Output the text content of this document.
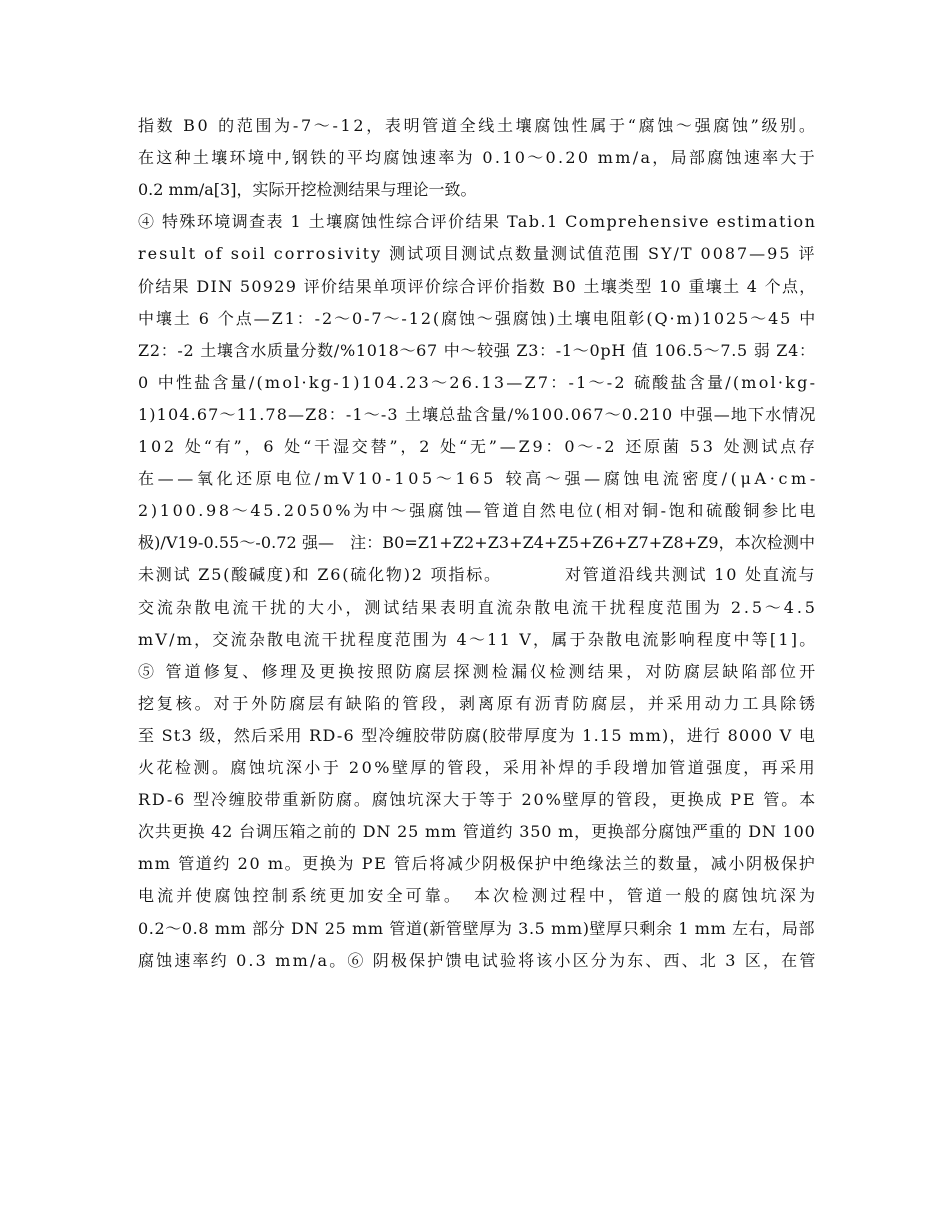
指数 B0 的范围为-7～-12，表明管道全线土壤腐蚀性属于“腐蚀～强腐蚀”级别。
在这种土壤环境中,钢铁的平均腐蚀速率为 0.10～0.20 mm/a，局部腐蚀速率大于
0.2 mm/a[3]，实际开挖检测结果与理论一致。
④ 特殊环境调查表 1 土壤腐蚀性综合评价结果 Tab.1 Comprehensive estimation
result of soil corrosivity 测试项目测试点数量测试值范围 SY/T 0087—95 评
价结果 DIN 50929 评价结果单项评价综合评价指数 B0 土壤类型 10 重壤土 4 个点，
中壤土 6 个点—Z1：-2～0-7～-12(腐蚀～强腐蚀)土壤电阻彰(Q·m)1025～45 中
Z2：-2 土壤含水质量分数/%1018～67 中～较强 Z3：-1～0pH 值 106.5～7.5 弱 Z4：
0 中性盐含量/(mol·kg-1)104.23～26.13—Z7：-1～-2 硫酸盐含量/(mol·kg-
1)104.67～11.78—Z8：-1～-3 土壤总盐含量/%100.067～0.210 中强—地下水情况
102 处“有”，6 处“干湿交替”，2 处“无”—Z9：0～-2 还原菌 53 处测试点存
在——氧化还原电位/mV10-105～165 较高～强—腐蚀电流密度/(μA·cm-
2)100.98～45.2050%为中～强腐蚀—管道自然电位(相对铜-饱和硫酸铜参比电
极)/V19-0.55～-0.72 强—　注：B0=Z1+Z2+Z3+Z4+Z5+Z6+Z7+Z8+Z9，本次检测中
未测试 Z5(酸碱度)和 Z6(硫化物)2 项指标。　　　　对管道沿线共测试 10 处直流与
交流杂散电流干扰的大小，测试结果表明直流杂散电流干扰程度范围为 2.5～4.5
mV/m，交流杂散电流干扰程度范围为 4～11 V，属于杂散电流影响程度中等[1]。
⑤ 管道修复、修理及更换按照防腐层探测检漏仪检测结果，对防腐层缺陷部位开
挖复核。对于外防腐层有缺陷的管段，剥离原有沥青防腐层，并采用动力工具除锈
至 St3 级，然后采用 RD-6 型冷缠胶带防腐(胶带厚度为 1.15 mm)，进行 8000 V 电
火花检测。腐蚀坑深小于 20%壁厚的管段，采用补焊的手段增加管道强度，再采用
RD-6 型冷缠胶带重新防腐。腐蚀坑深大于等于 20%壁厚的管段，更换成 PE 管。本
次共更换 42 台调压箱之前的 DN 25 mm 管道约 350 m，更换部分腐蚀严重的 DN 100
mm 管道约 20 m。更换为 PE 管后将减少阴极保护中绝缘法兰的数量，减小阴极保护
电流并使腐蚀控制系统更加安全可靠。　本次检测过程中，管道一般的腐蚀坑深为
0.2～0.8 mm 部分 DN 25 mm 管道(新管壁厚为 3.5 mm)壁厚只剩余 1 mm 左右，局部
腐蚀速率约 0.3 mm/a。⑥ 阴极保护馈电试验将该小区分为东、西、北 3 区，在管
